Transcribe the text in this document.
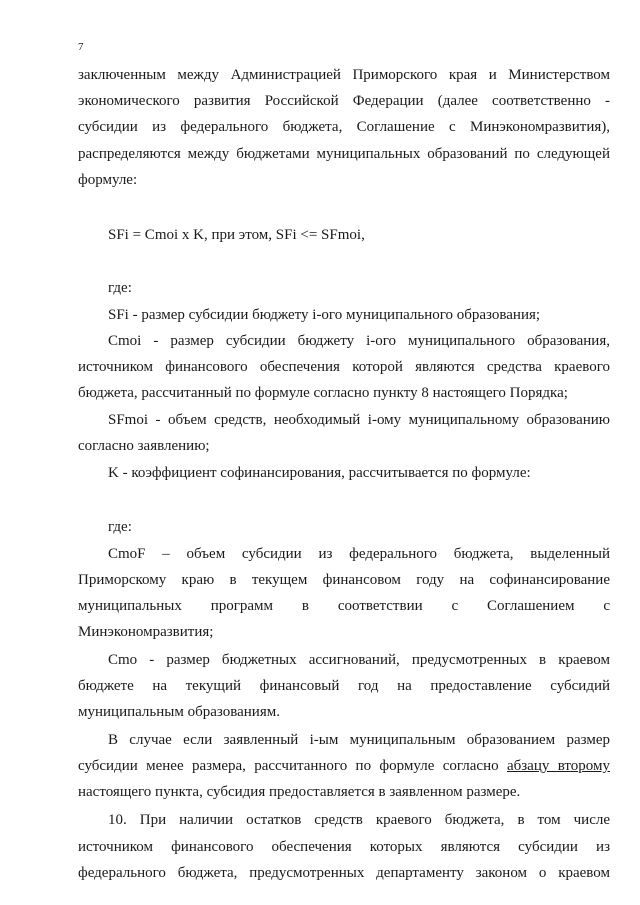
7
заключенным между Администрацией Приморского края и Министерством
экономического развития Российской Федерации (далее соответственно -
субсидии из федерального бюджета, Соглашение с Минэкономразвития),
распределяются между бюджетами муниципальных образований по следующей
формуле:
SFi = Cmoi x K, при этом, SFi <= SFmoi,
где:
SFi - размер субсидии бюджету i-ого муниципального образования;
Cmoi - размер субсидии бюджету i-ого муниципального образования,
источником финансового обеспечения которой являются средства краевого
бюджета, рассчитанный по формуле согласно пункту 8 настоящего Порядка;
SFmoi - объем средств, необходимый i-ому муниципальному образованию
согласно заявлению;
K - коэффициент софинансирования, рассчитывается по формуле:
где:
CmoF – объем субсидии из федерального бюджета, выделенный
Приморскому краю в текущем финансовом году на софинансирование
муниципальных программ в соответствии с Соглашением с
Минэкономразвития;
Cmo - размер бюджетных ассигнований, предусмотренных в краевом
бюджете на текущий финансовый год на предоставление субсидий
муниципальным образованиям.
В случае если заявленный i-ым муниципальным образованием размер
субсидии менее размера, рассчитанного по формуле согласно абзацу второму
настоящего пункта, субсидия предоставляется в заявленном размере.
10. При наличии остатков средств краевого бюджета, в том числе
источником финансового обеспечения которых являются субсидии из
федерального бюджета, предусмотренных департаменту законом о краевом
